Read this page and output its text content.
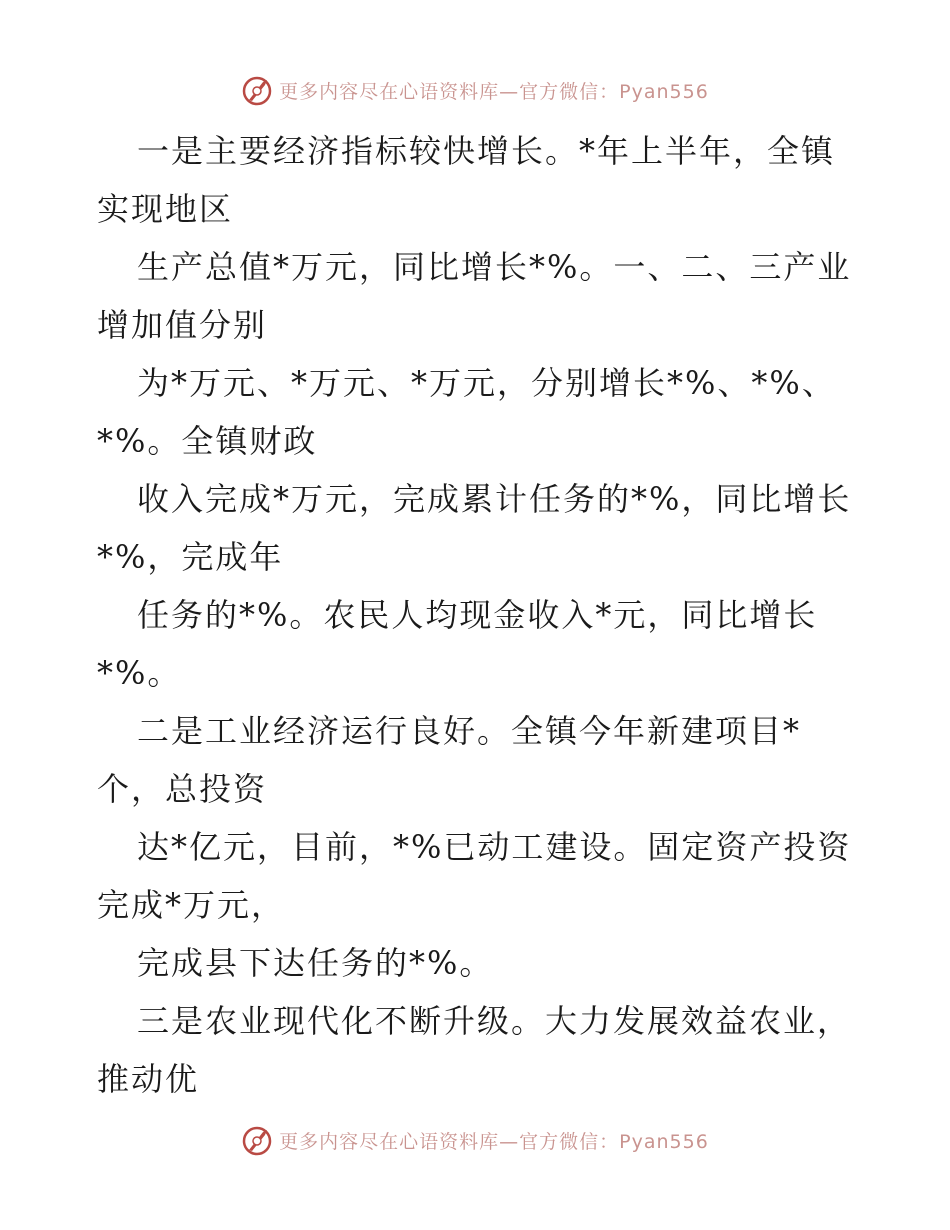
更多内容尽在心语资料库—官方微信：Pyan556
一是主要经济指标较快增长。*年上半年，全镇
实现地区
生产总值*万元，同比增长*%。一、二、三产业
增加值分别
为*万元、*万元、*万元，分别增长*%、*%、
*%。全镇财政
收入完成*万元，完成累计任务的*%，同比增长
*%，完成年
任务的*%。农民人均现金收入*元，同比增长
*%。
二是工业经济运行良好。全镇今年新建项目*
个，总投资
达*亿元，目前，*%已动工建设。固定资产投资
完成*万元，
完成县下达任务的*%。
三是农业现代化不断升级。大力发展效益农业，
推动优
更多内容尽在心语资料库—官方微信：Pyan556
